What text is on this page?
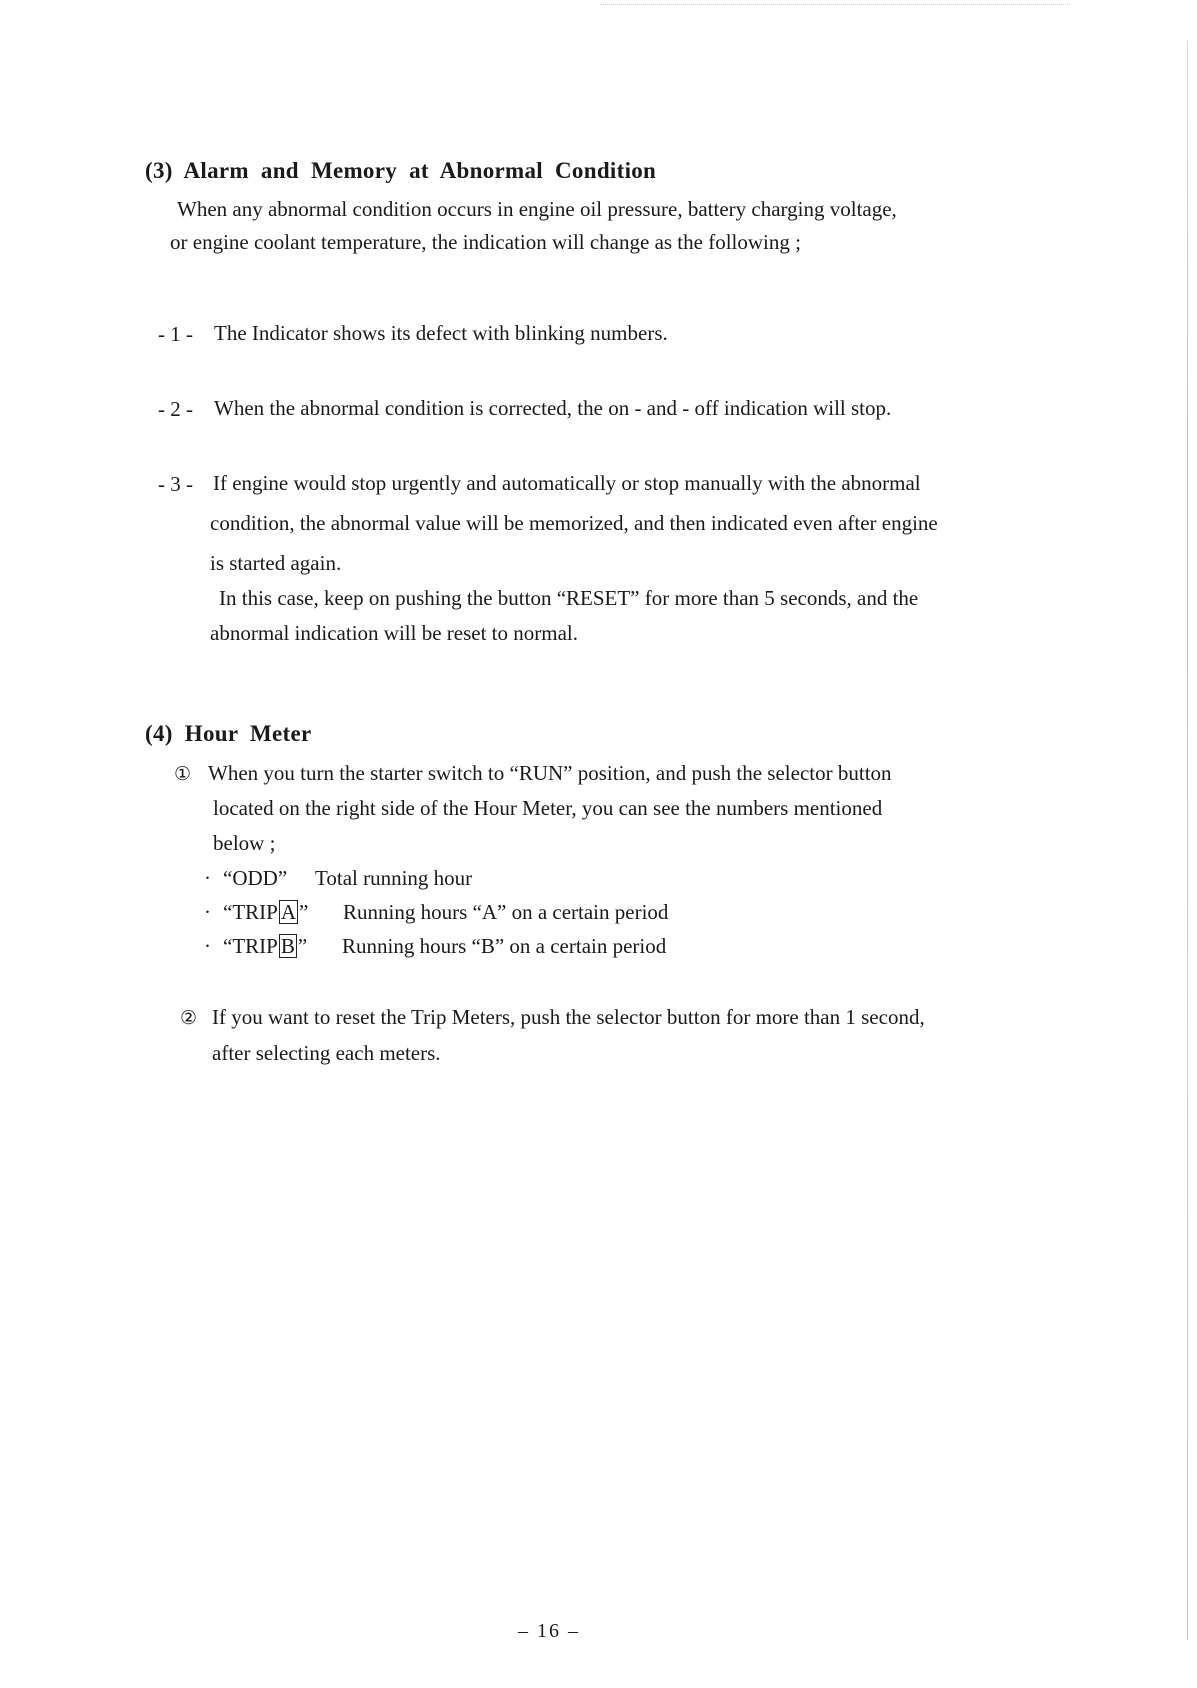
(3) Alarm and Memory at Abnormal Condition
When any abnormal condition occurs in engine oil pressure, battery charging voltage,
or engine coolant temperature, the indication will change as the following ;
- 1 - The Indicator shows its defect with blinking numbers.
- 2 - When the abnormal condition is corrected, the on - and - off indication will stop.
- 3 - If engine would stop urgently and automatically or stop manually with the abnormal
condition, the abnormal value will be memorized, and then indicated even after engine
is started again.
In this case, keep on pushing the button “RESET” for more than 5 seconds, and the
abnormal indication will be reset to normal.
(4) Hour Meter
① When you turn the starter switch to “RUN” position, and push the selector button
located on the right side of the Hour Meter, you can see the numbers mentioned
below ;
· “ODD” Total running hour
· “TRIP A ” Running hours “A” on a certain period
· “TRIP B ” Running hours “B” on a certain period
② If you want to reset the Trip Meters, push the selector button for more than 1 second,
after selecting each meters.
– 16 –
